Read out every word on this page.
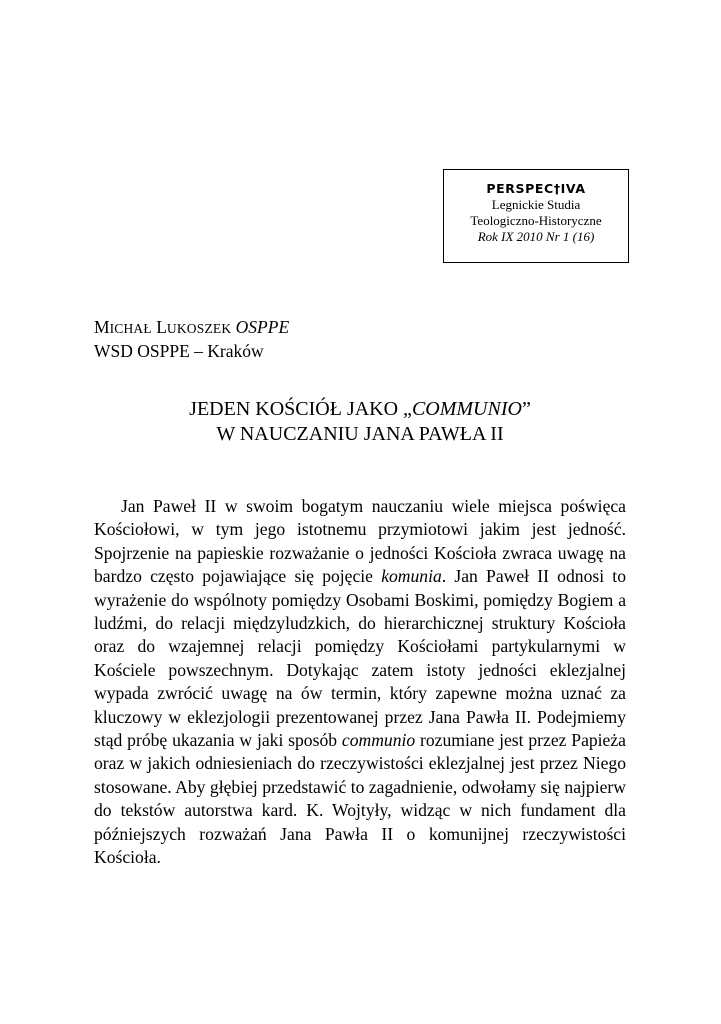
PERSPEC†IVA
Legnickie Studia
Teologiczno-Historyczne
Rok IX 2010 Nr 1 (16)
MICHAŁ LUKOSZEK OSPPE
WSD OSPPE – Kraków
JEDEN KOŚCIÓŁ JAKO „COMMUNIO”
W NAUCZANIU JANA PAWŁA II

Jan Paweł II w swoim bogatym nauczaniu wiele miejsca poświęca Kościołowi, w tym jego istotnemu przymiotowi jakim jest jedność. Spojrzenie na papieskie rozważanie o jedności Kościoła zwraca uwagę na bardzo często pojawiające się pojęcie komunia. Jan Paweł II odnosi to wyrażenie do wspólnoty pomiędzy Osobami Boskimi, pomiędzy Bogiem a ludźmi, do relacji międzyludzkich, do hierarchicznej struktury Kościoła oraz do wzajemnej relacji pomiędzy Kościołami partykularnymi w Kościele powszechnym. Dotykając zatem istoty jedności eklezjalnej wypada zwrócić uwagę na ów termin, który zapewne można uznać za kluczowy w eklezjologii prezentowanej przez Jana Pawła II. Podejmiemy stąd próbę ukazania w jaki sposób communio rozumiane jest przez Papieża oraz w jakich odniesieniach do rzeczywistości eklezjalnej jest przez Niego stosowane. Aby głębiej przedstawić to zagadnienie, odwołamy się najpierw do tekstów autorstwa kard. K. Wojtyły, widząc w nich fundament dla późniejszych rozważań Jana Pawła II o komunijnej rzeczywistości Kościoła.
